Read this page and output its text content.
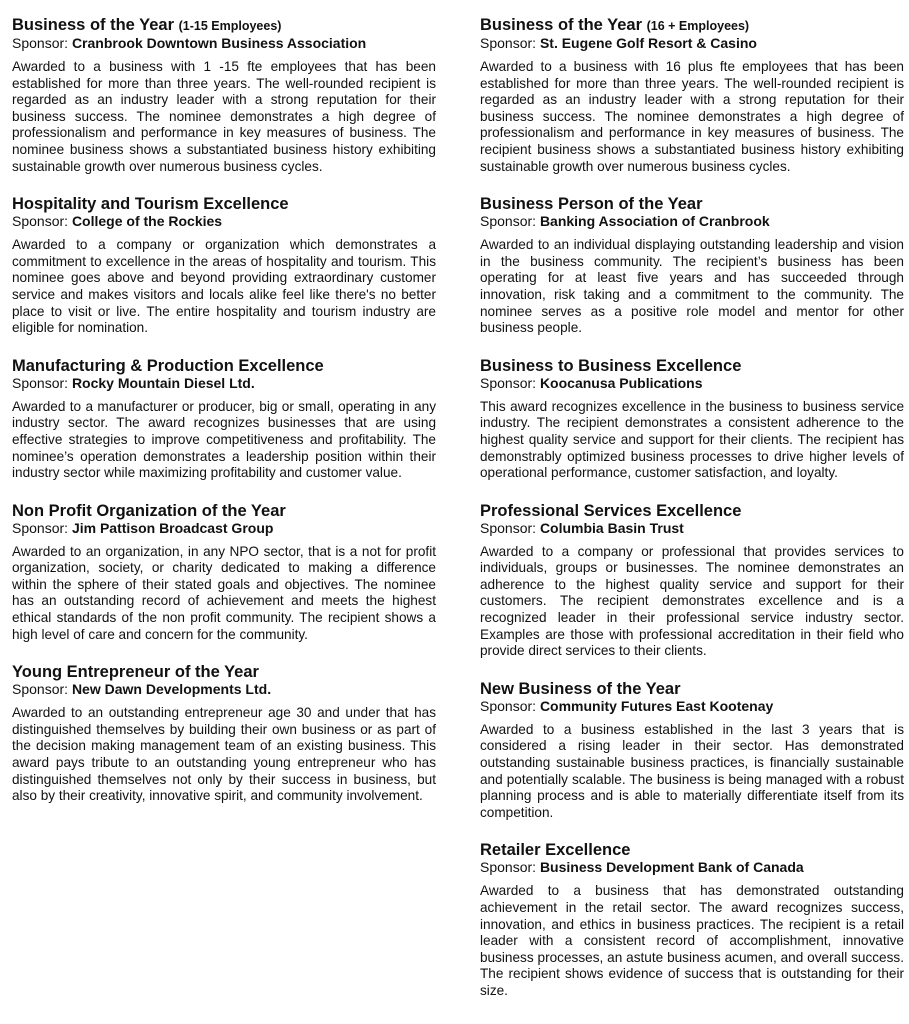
Business of the Year (1-15 Employees)

Sponsor: Cranbrook Downtown Business Association

Awarded to a business with 1 -15 fte employees that has been established for more than three years. The well-rounded recipient is regarded as an industry leader with a strong reputation for their business success. The nominee demonstrates a high degree of professionalism and performance in key measures of business. The nominee business shows a substantiated business history exhibiting sustainable growth over numerous business cycles.

Hospitality and Tourism Excellence

Sponsor: College of the Rockies

Awarded to a company or organization which demonstrates a commitment to excellence in the areas of hospitality and tourism. This nominee goes above and beyond providing extraordinary customer service and makes visitors and locals alike feel like there's no better place to visit or live. The entire hospitality and tourism industry are eligible for nomination.

Manufacturing & Production Excellence

Sponsor: Rocky Mountain Diesel Ltd.

Awarded to a manufacturer or producer, big or small, operating in any industry sector. The award recognizes businesses that are using effective strategies to improve competitiveness and profitability. The nominee’s operation demonstrates a leadership position within their industry sector while maximizing profitability and customer value.

Non Profit Organization of the Year

Sponsor: Jim Pattison Broadcast Group

Awarded to an organization, in any NPO sector, that is a not for profit organization, society, or charity dedicated to making a difference within the sphere of their stated goals and objectives. The nominee has an outstanding record of achievement and meets the highest ethical standards of the non profit community. The recipient shows a high level of care and concern for the community.

Young Entrepreneur of the Year

Sponsor: New Dawn Developments Ltd.

Awarded to an outstanding entrepreneur age 30 and under that has distinguished themselves by building their own business or as part of the decision making management team of an existing business. This award pays tribute to an outstanding young entrepreneur who has distinguished themselves not only by their success in business, but also by their creativity, innovative spirit, and community involvement.

Business of the Year (16 + Employees)

Sponsor: St. Eugene Golf Resort & Casino

Awarded to a business with 16 plus fte employees that has been established for more than three years. The well-rounded recipient is regarded as an industry leader with a strong reputation for their business success. The nominee demonstrates a high degree of professionalism and performance in key measures of business. The recipient business shows a substantiated business history exhibiting sustainable growth over numerous business cycles.

Business Person of the Year

Sponsor: Banking Association of Cranbrook

Awarded to an individual displaying outstanding leadership and vision in the business community. The recipient’s business has been operating for at least five years and has succeeded through innovation, risk taking and a commitment to the community. The nominee serves as a positive role model and mentor for other business people.

Business to Business Excellence

Sponsor: Koocanusa Publications

This award recognizes excellence in the business to business service industry. The recipient demonstrates a consistent adherence to the highest quality service and support for their clients. The recipient has demonstrably optimized business processes to drive higher levels of operational performance, customer satisfaction, and loyalty.

Professional Services Excellence

Sponsor: Columbia Basin Trust

Awarded to a company or professional that provides services to individuals, groups or businesses. The nominee demonstrates an adherence to the highest quality service and support for their customers. The recipient demonstrates excellence and is a recognized leader in their professional service industry sector. Examples are those with professional accreditation in their field who provide direct services to their clients.

New Business of the Year

Sponsor: Community Futures East Kootenay

Awarded to a business established in the last 3 years that is considered a rising leader in their sector. Has demonstrated outstanding sustainable business practices, is financially sustainable and potentially scalable. The business is being managed with a robust planning process and is able to materially differentiate itself from its competition.

Retailer Excellence

Sponsor: Business Development Bank of Canada

Awarded to a business that has demonstrated outstanding achievement in the retail sector. The award recognizes success, innovation, and ethics in business practices. The recipient is a retail leader with a consistent record of accomplishment, innovative business processes, an astute business acumen, and overall success. The recipient shows evidence of success that is outstanding for their size.
